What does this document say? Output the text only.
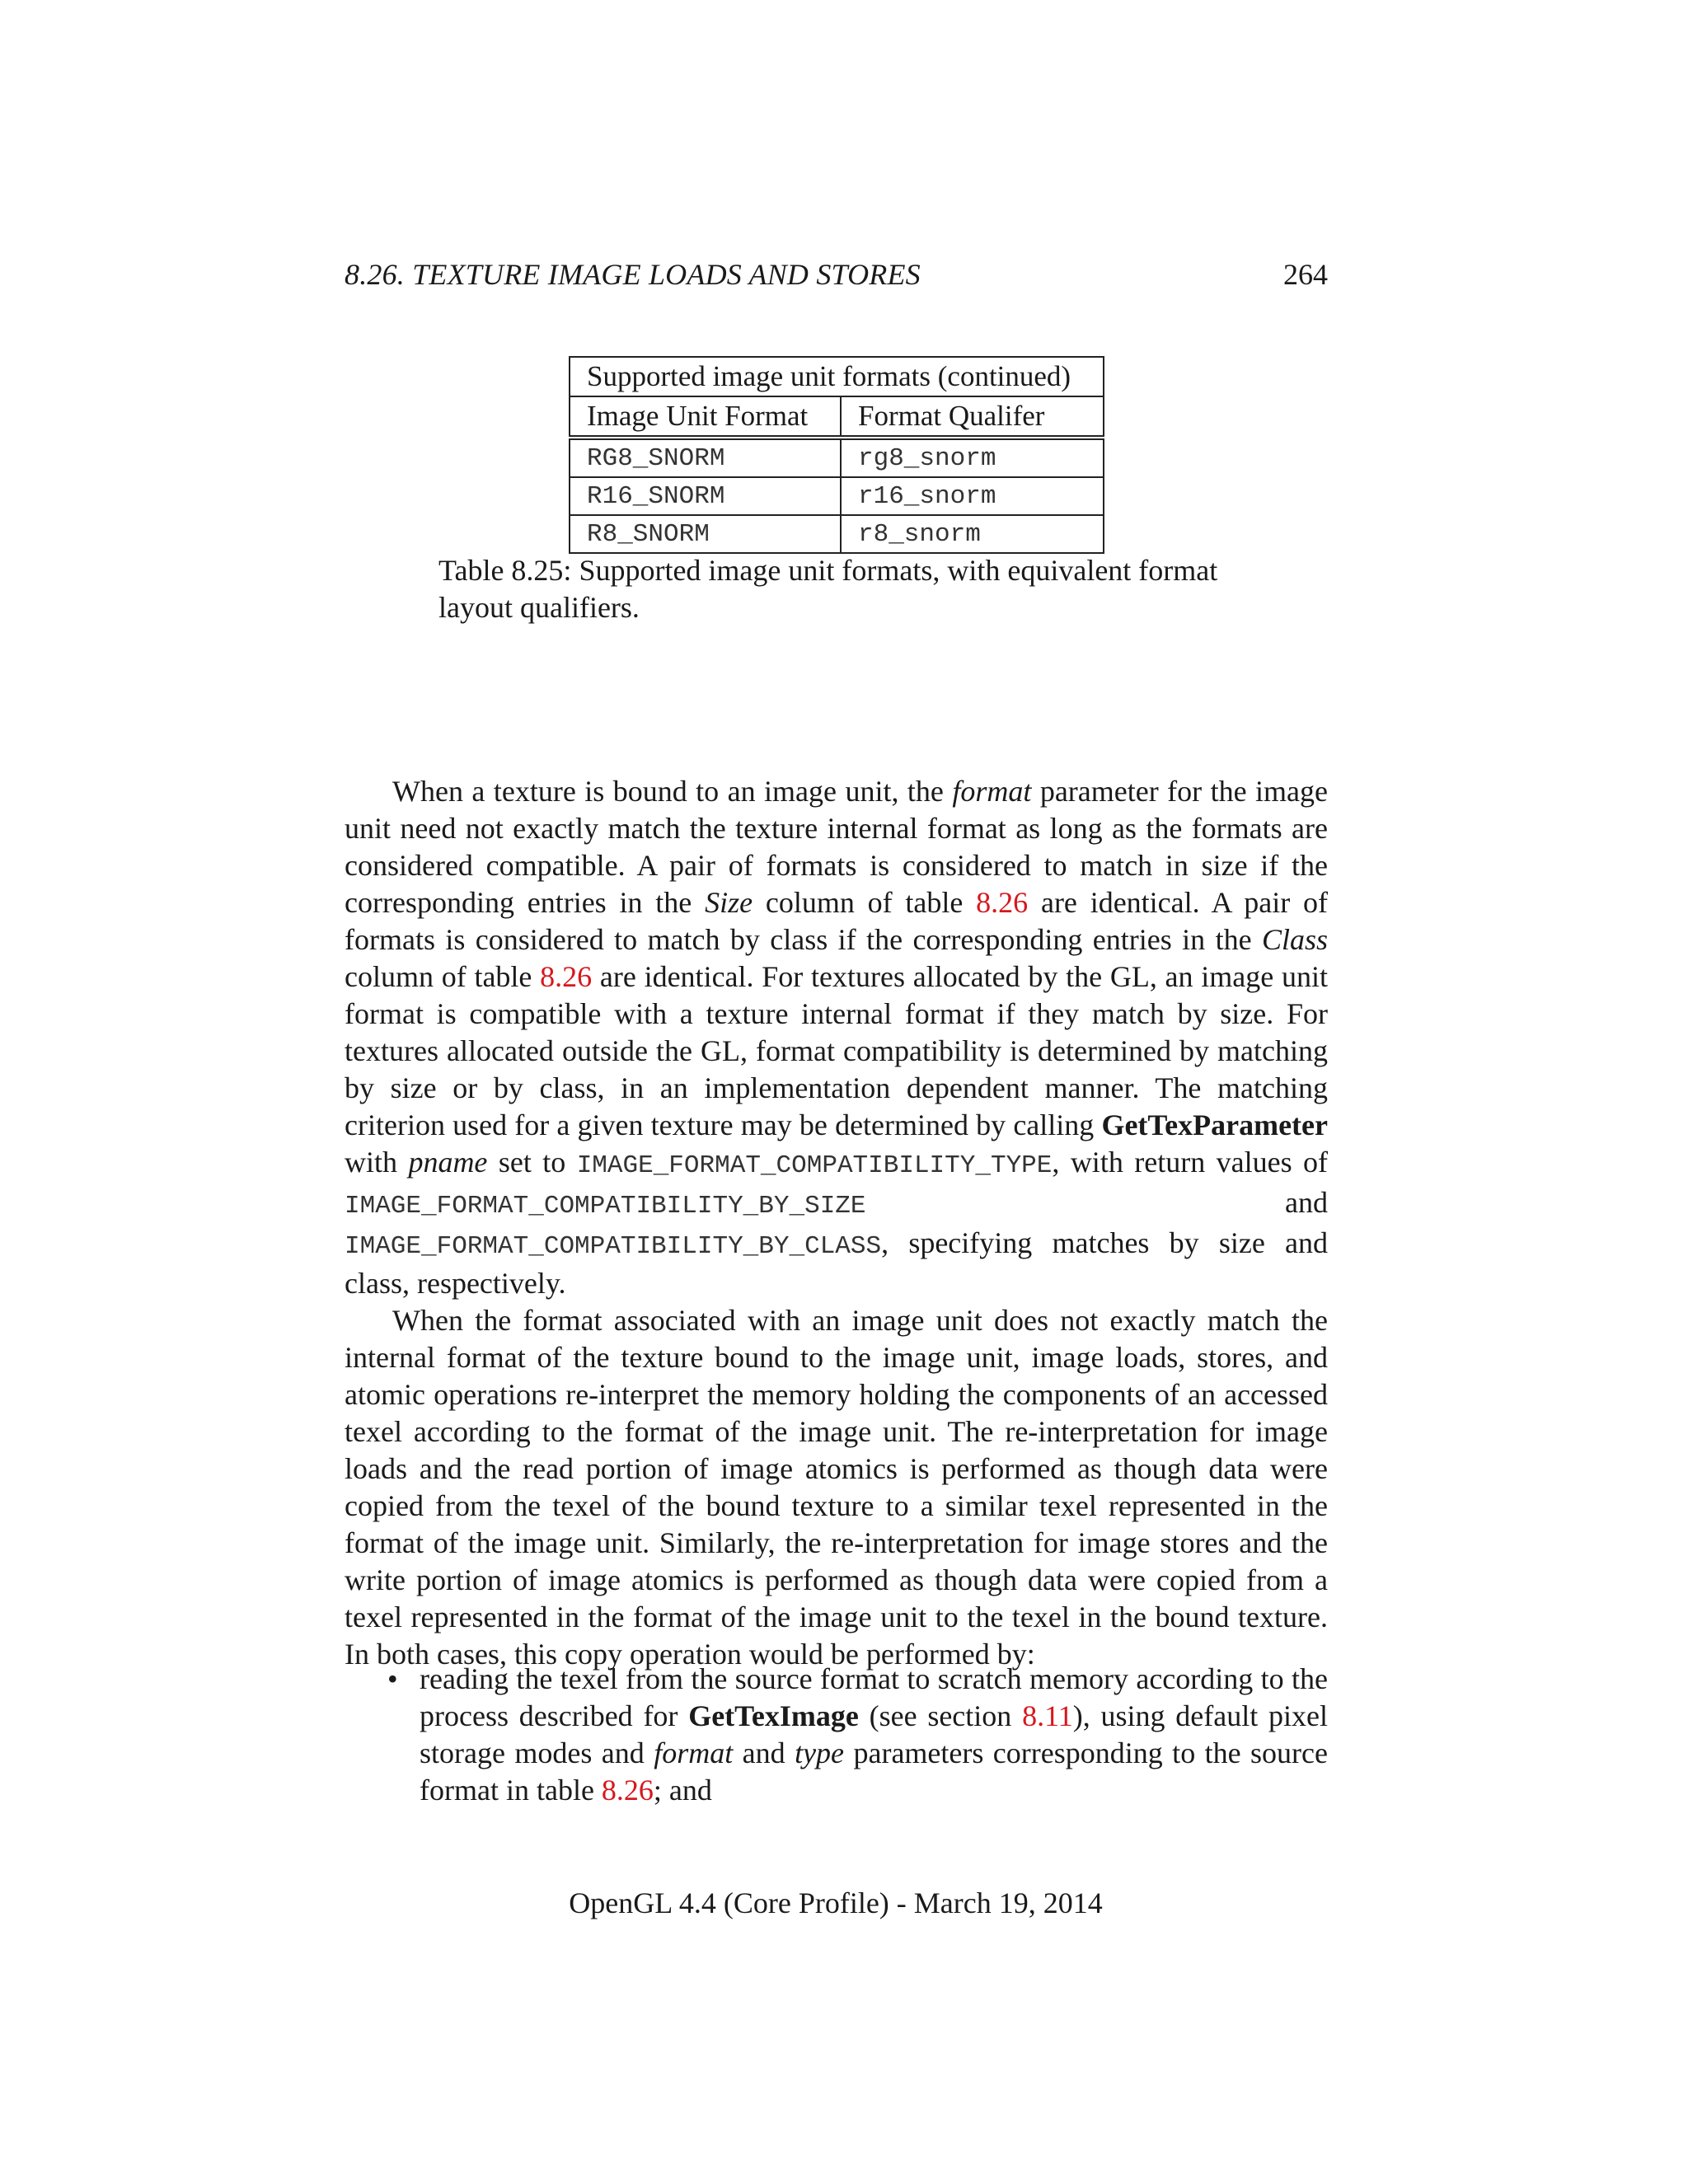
8.26. TEXTURE IMAGE LOADS AND STORES	264
Supported image unit formats (continued)	
Image Unit Format	Format Qualifer
RG8_SNORM	rg8_snorm
R16_SNORM	r16_snorm
R8_SNORM	r8_snorm
Table 8.25: Supported image unit formats, with equivalent format layout qualifiers.

When a texture is bound to an image unit, the format parameter for the image unit need not exactly match the texture internal format as long as the formats are considered compatible. A pair of formats is considered to match in size if the corresponding entries in the Size column of table 8.26 are identical. A pair of formats is considered to match by class if the corresponding entries in the Class column of table 8.26 are identical. For textures allocated by the GL, an image unit format is compatible with a texture internal format if they match by size. For textures allocated outside the GL, format compatibility is determined by matching by size or by class, in an implementation dependent manner. The matching criterion used for a given texture may be determined by calling GetTexParameter with pname set to IMAGE_FORMAT_COMPATIBILITY_TYPE, with return values of IMAGE_FORMAT_COMPATIBILITY_BY_SIZE and IMAGE_FORMAT_COMPATIBILITY_BY_CLASS, specifying matches by size and class, respectively.

When the format associated with an image unit does not exactly match the internal format of the texture bound to the image unit, image loads, stores, and atomic operations re-interpret the memory holding the components of an accessed texel according to the format of the image unit. The re-interpretation for image loads and the read portion of image atomics is performed as though data were copied from the texel of the bound texture to a similar texel represented in the format of the image unit. Similarly, the re-interpretation for image stores and the write portion of image atomics is performed as though data were copied from a texel represented in the format of the image unit to the texel in the bound texture. In both cases, this copy operation would be performed by:

• reading the texel from the source format to scratch memory according to the process described for GetTexImage (see section 8.11), using default pixel storage modes and format and type parameters corresponding to the source format in table 8.26; and
OpenGL 4.4 (Core Profile) - March 19, 2014
